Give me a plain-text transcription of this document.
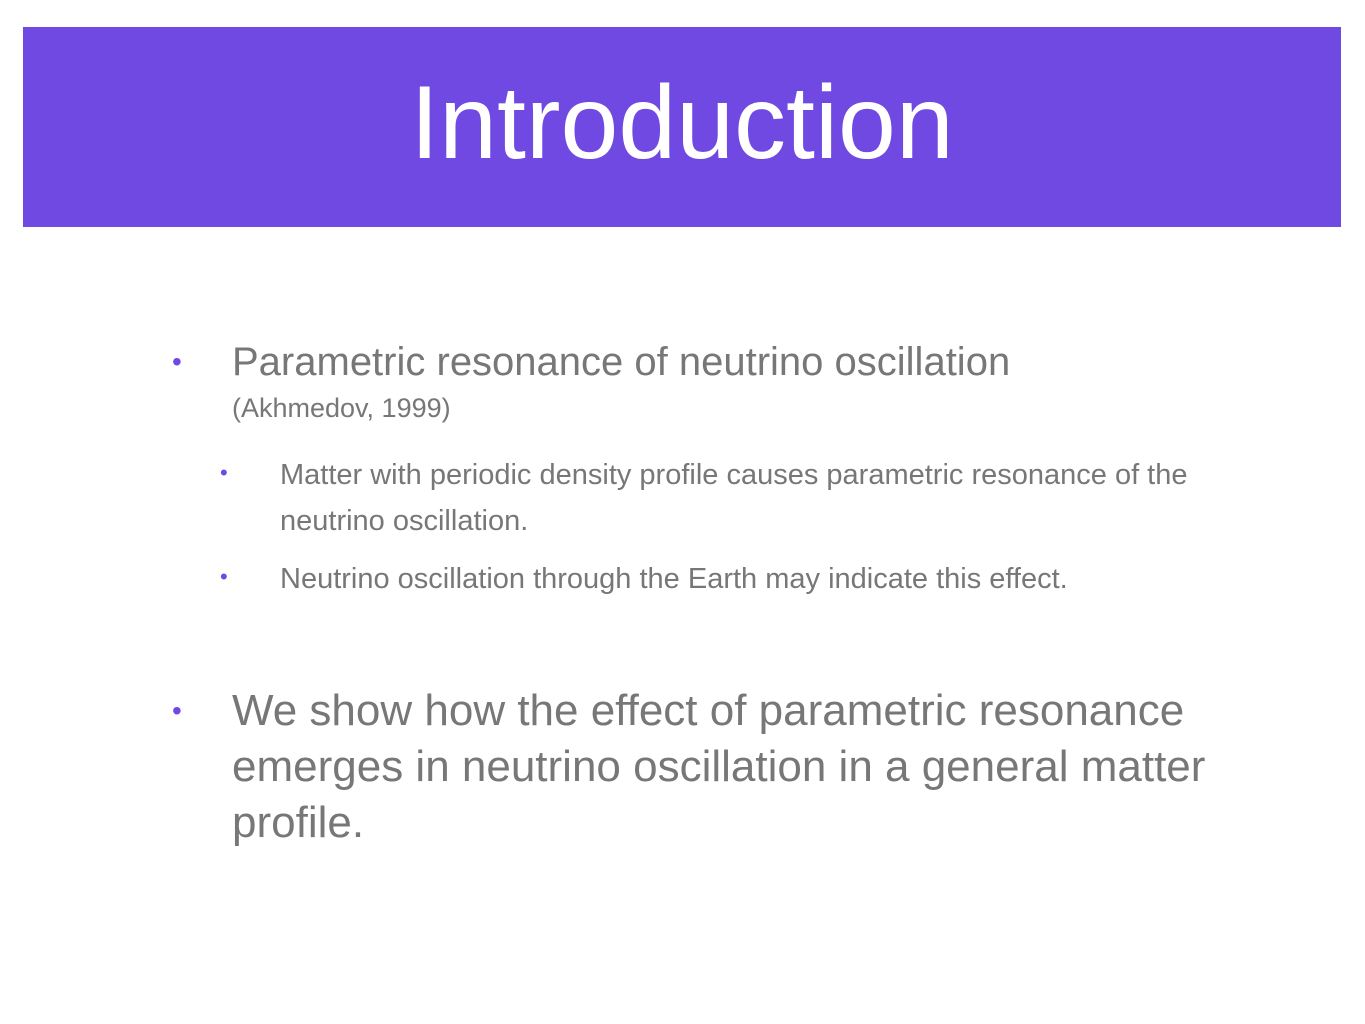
Introduction
• Parametric resonance of neutrino oscillation
(Akhmedov, 1999)
• Matter with periodic density profile causes parametric resonance of the neutrino oscillation.
• Neutrino oscillation through the Earth may indicate this effect.
• We show how the effect of parametric resonance emerges in neutrino oscillation in a general matter profile.
